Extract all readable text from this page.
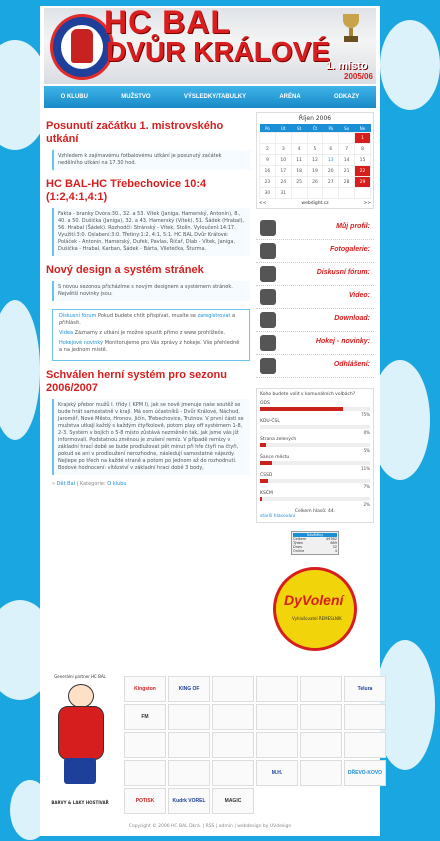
HC BAL
DVŮR KRÁLOVÉ
1. místo
2005/06
O KLUBU	MUŽSTVO	VÝSLEDKY/TABULKY	ARÉNA	ODKAZY
Posunutí začátku 1. mistrovského utkání
Vzhledem k zajímavému fotbalovému utkání je posunutý začátek nedělního utkání na 17.30 hod.
HC BAL-HC Třebechovice 10:4 (1:2,4:1,4:1)
Fakta - branky Dvora:30., 32. a 53. Vítek (Janiga, Hamerský, Antonín), 8., 40. a 50. Dušička (Janiga), 32. a 43. Hamerský (Vítek), 51. Šádek (Hrabal), 56. Hrabal (Šádek). Rozhodčí: Stránský - Vítek, Stolín. Vyloučení:14:17. Využití:3:0. Oslabení:3:0. Třetiny:1:2, 4:1, 5:1. HC BAL Dvůr Králové: Poláček - Antonín, Hamerský, Dufek, Pavlas, Říčař, Dlab - Vítek, Janiga, Dušička - Hrabal, Karban, Šádek - Bárta, Viletečka, Šturma.
Nový design a systém stránek
S novou sezonou přicházíme s novým designem a systémem stránek. Největší novinky jsou:

Diskusní fórum Pokud budete chtít přispívat, musíte se zaregistrovat a přihlásit.

Videa Záznamy z utkání je možné spustit přímo z www prohlížeče.

Hokejové novinky Monitorujeme pro Vás zprávy z hokeje. Vše přehledně a na jednom místě.

Schválen herní systém pro sezonu 2006/2007
Krajský přebor mužů I. třídy ( KPM I), jak se nově jmenuje naše soutěž se bude hrát samostatně v kraji. Má osm účastníků - Dvůr Králové, Náchod, Jaroměř, Nové Město, Hronov, Jičín, Třebechovice, Trutnov. V první části se mužstva utkají každý s každým čtyřkolově, potom play off systémem 1-8, 2-3. Systém v bojích o 5-8 místo zůstává nezměněn tak, jak jsme vás již informovali. Podstatnou změnou je zrušení remíz. V případě remízy v základní hrací době se bude prodlužovat pět minut při hře čtyři na čtyři, pokud se ani v prodloužení nerozhodne, následují samostatné nájezdy. Nejlepe po třech na každé straně a potom po jednom až do rozhodnutí. Bodové hodnocení: vítězství v základní hrací době 3 body,
» Dět Bal | Kategorie: O klubu
Říjen 2006
Po	Út	St	Čt	Pá	So	Ne
						1
2	3	4	5	6	7	8
9	10	11	12	13	14	15
16	17	18	19	20	21	22
23	24	25	26	27	28	29
30	31					
<<	webdight.cz	>>
Můj profil:
Fotogalerie:
Diskusní fórum:
Video:
Download:
Hokej - novinky:
Odhlášení:
Koho budete volit v komunálních volbách?
ODS
75%
KDU-ČSL
0%
Strana zelených
5%
Šance městu
11%
ČSSD
7%
KSČM
2%
Celkem hlasů: 44.
starší hlasování
Návštěvy
Celkem	49362
Týden	869
Dnes	32
Online	4
DyVolení
Vyhlašovatel ŘEMESLNÍK
Generální partner HC BAL
BARVY & LAKY HOSTIVAŘ
Kingston	KING OF	Telura
FM
M.H.	DŘEVO-KOVO
POTISK	Kudrk VOREL	MAGIC
Copyright © 2006 HC BAL Dkrá. | RSS | admin | webdesign by UVdesign
